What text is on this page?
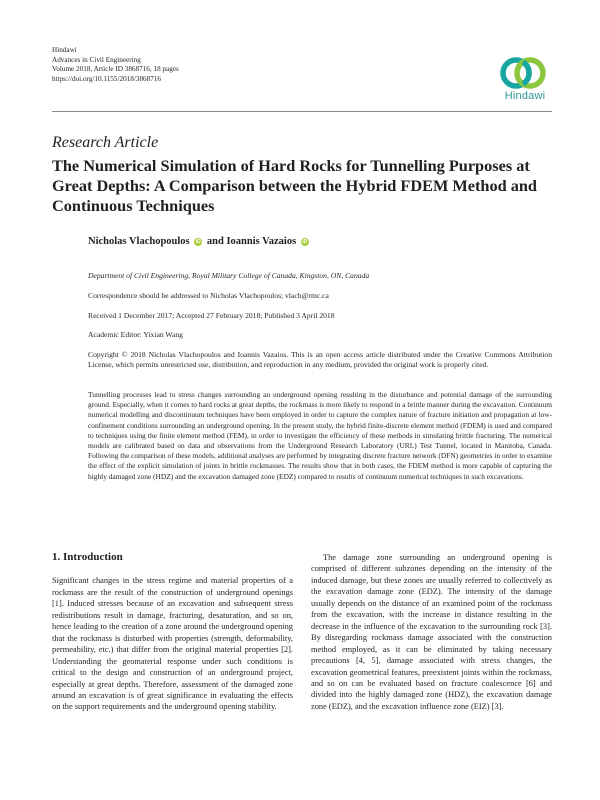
Hindawi
Advances in Civil Engineering
Volume 2018, Article ID 3868716, 18 pages
https://doi.org/10.1155/2018/3868716
Hindawi
Research Article
The Numerical Simulation of Hard Rocks for Tunnelling Purposes at Great Depths: A Comparison between the Hybrid FDEM Method and Continuous Techniques
Nicholas Vlachopoulos iD and Ioannis Vazaios iD
Department of Civil Engineering, Royal Military College of Canada, Kingston, ON, Canada
Correspondence should be addressed to Nicholas Vlachopoulos; vlach@rmc.ca
Received 1 December 2017; Accepted 27 February 2018; Published 3 April 2018
Academic Editor: Yixian Wang
Copyright © 2018 Nicholas Vlachopoulos and Ioannis Vazaios. This is an open access article distributed under the Creative Commons Attribution License, which permits unrestricted use, distribution, and reproduction in any medium, provided the original work is properly cited.
Tunnelling processes lead to stress changes surrounding an underground opening resulting in the disturbance and potential damage of the surrounding ground. Especially, when it comes to hard rocks at great depths, the rockmass is more likely to respond in a brittle manner during the excavation. Continuum numerical modelling and discontinuum techniques have been employed in order to capture the complex nature of fracture initiation and propagation at low-confinement conditions surrounding an underground opening. In the present study, the hybrid finite-discrete element method (FDEM) is used and compared to techniques using the finite element method (FEM), in order to investigate the efficiency of these methods in simulating brittle fracturing. The numerical models are calibrated based on data and observations from the Underground Research Laboratory (URL) Test Tunnel, located in Manitoba, Canada. Following the comparison of these models, additional analyses are performed by integrating discrete fracture network (DFN) geometries in order to examine the effect of the explicit simulation of joints in brittle rockmasses. The results show that in both cases, the FDEM method is more capable of capturing the highly damaged zone (HDZ) and the excavation damaged zone (EDZ) compared to results of continuum numerical techniques in such excavations.
1. Introduction

Significant changes in the stress regime and material properties of a rockmass are the result of the construction of underground openings [1]. Induced stresses because of an excavation and subsequent stress redistributions result in damage, fracturing, desaturation, and so on, hence leading to the creation of a zone around the underground opening that the rockmass is disturbed with properties (strength, deformability, permeability, etc.) that differ from the original material properties [2]. Understanding the geomaterial response under such conditions is critical to the design and construction of an underground project, especially at great depths. Therefore, assessment of the damaged zone around an excavation is of great significance in evaluating the effects on the support requirements and the underground opening stability.

The damage zone surrounding an underground opening is comprised of different subzones depending on the intensity of the induced damage, but these zones are usually referred to collectively as the excavation damage zone (EDZ). The intensity of the damage usually depends on the distance of an examined point of the rockmass from the excavation, with the increase in distance resulting in the decrease in the influence of the excavation to the surrounding rock [3]. By disregarding rockmass damage associated with the construction method employed, as it can be eliminated by taking necessary precautions [4, 5], damage associated with stress changes, the excavation geometrical features, preexistent joints within the rockmass, and so on can be evaluated based on fracture coalescence [6] and divided into the highly damaged zone (HDZ), the excavation damage zone (EDZ), and the excavation influence zone (EIZ) [3].
